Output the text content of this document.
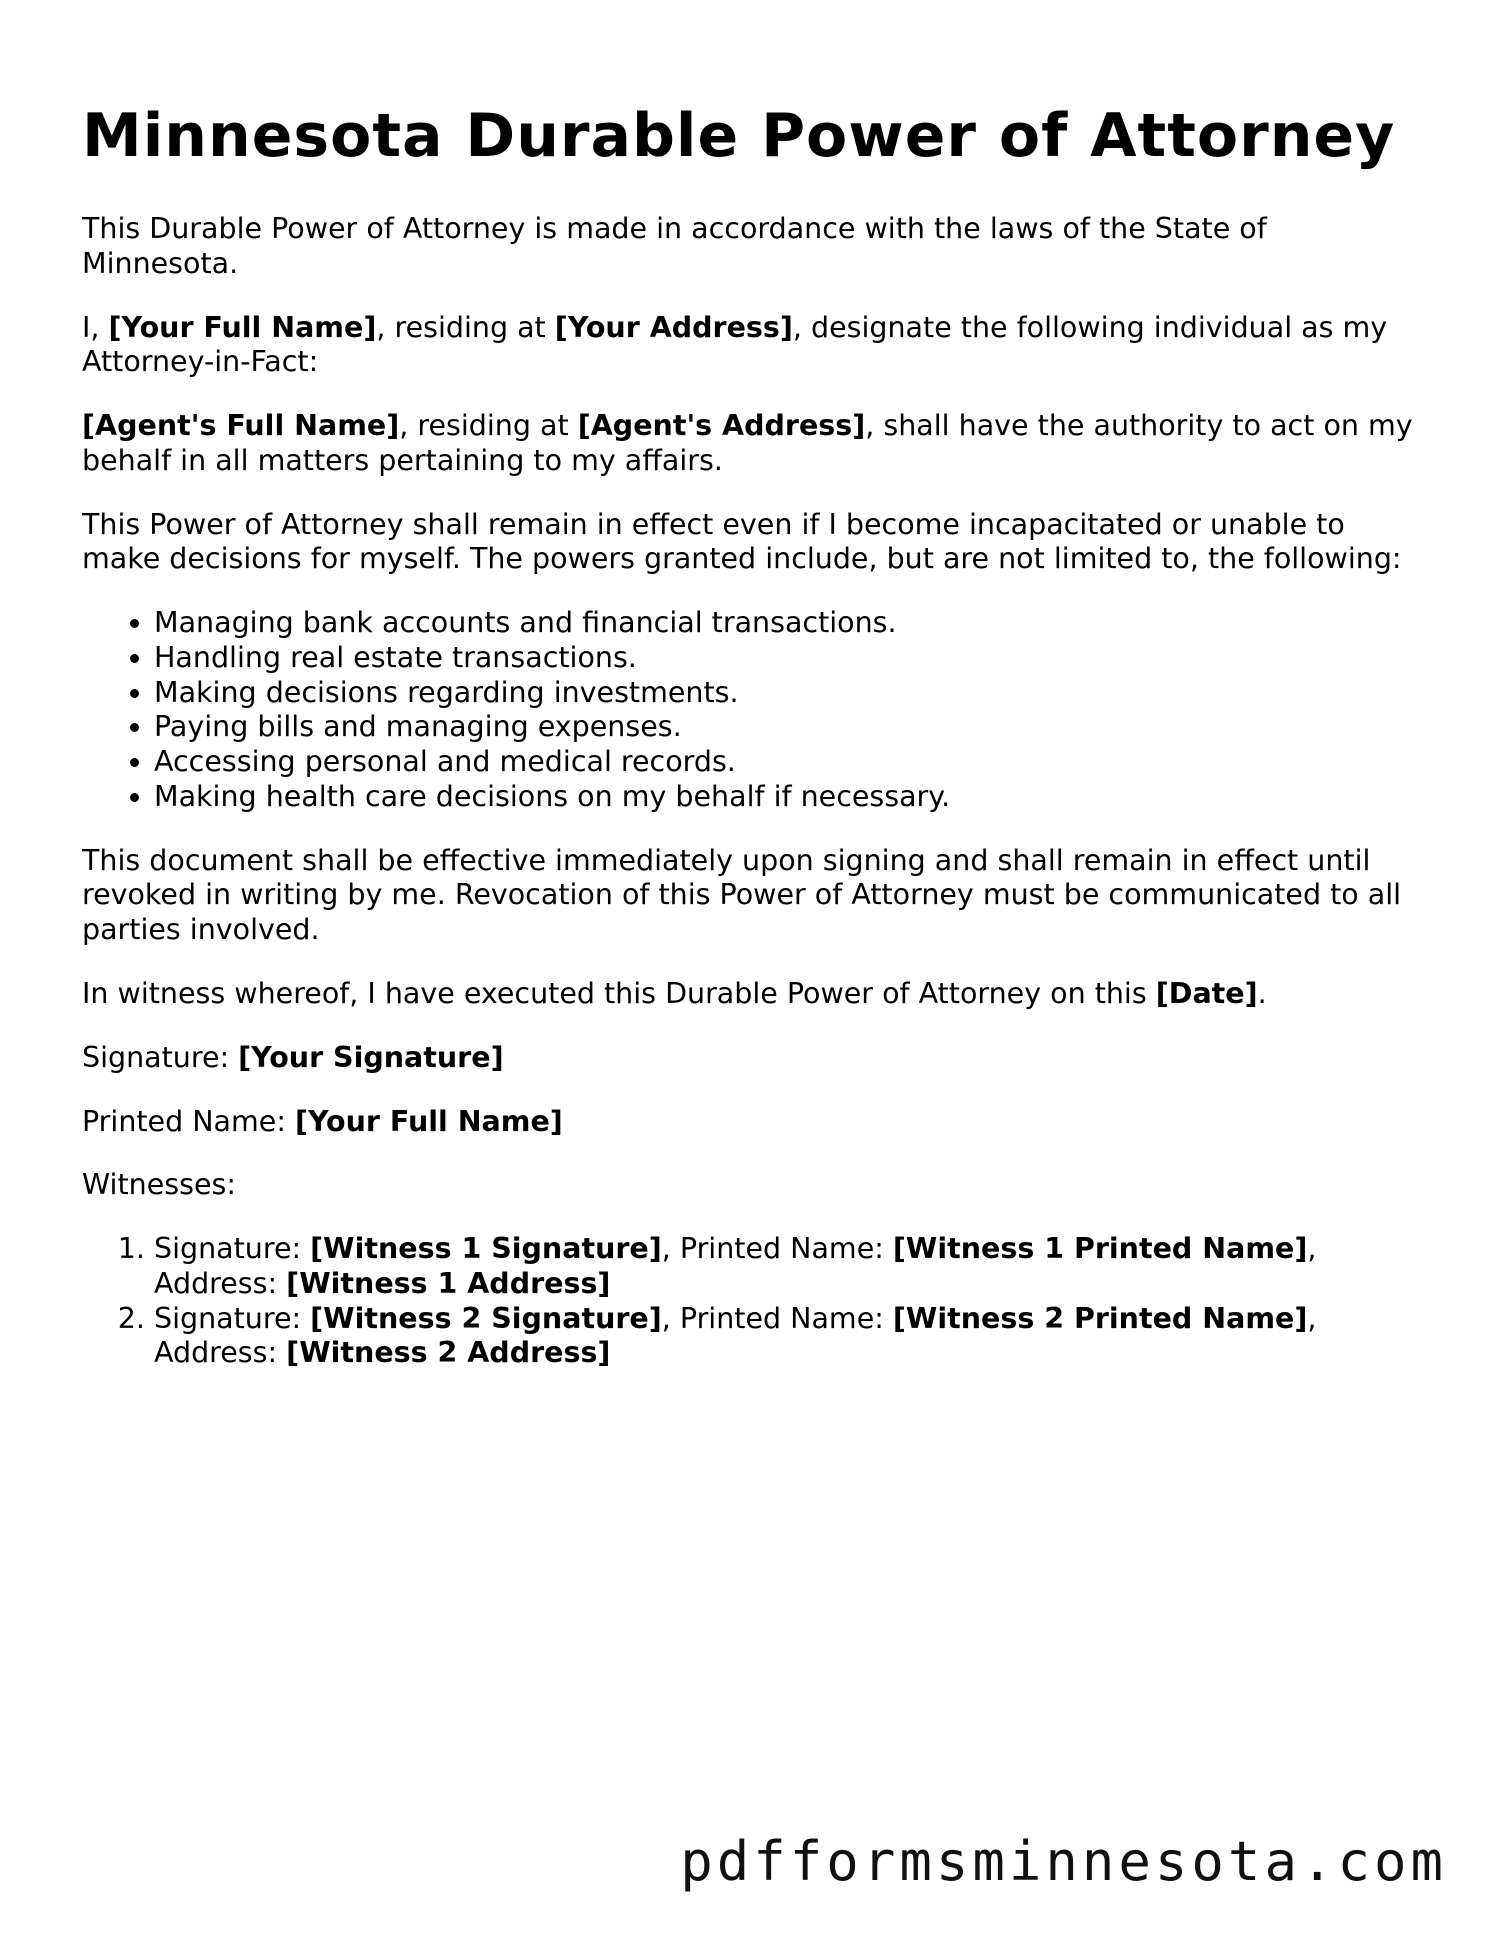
Minnesota Durable Power of Attorney

This Durable Power of Attorney is made in accordance with the laws of the State of Minnesota.

I, [Your Full Name], residing at [Your Address], designate the following individual as my Attorney-in-Fact:

[Agent's Full Name], residing at [Agent's Address], shall have the authority to act on my behalf in all matters pertaining to my affairs.

This Power of Attorney shall remain in effect even if I become incapacitated or unable to make decisions for myself. The powers granted include, but are not limited to, the following:

• Managing bank accounts and financial transactions.
• Handling real estate transactions.
• Making decisions regarding investments.
• Paying bills and managing expenses.
• Accessing personal and medical records.
• Making health care decisions on my behalf if necessary.

This document shall be effective immediately upon signing and shall remain in effect until revoked in writing by me. Revocation of this Power of Attorney must be communicated to all parties involved.

In witness whereof, I have executed this Durable Power of Attorney on this [Date].

Signature: [Your Signature]

Printed Name: [Your Full Name]

Witnesses:

1. Signature: [Witness 1 Signature], Printed Name: [Witness 1 Printed Name], Address: [Witness 1 Address]
2. Signature: [Witness 2 Signature], Printed Name: [Witness 2 Printed Name], Address: [Witness 2 Address]
pdfformsminnesota.com
